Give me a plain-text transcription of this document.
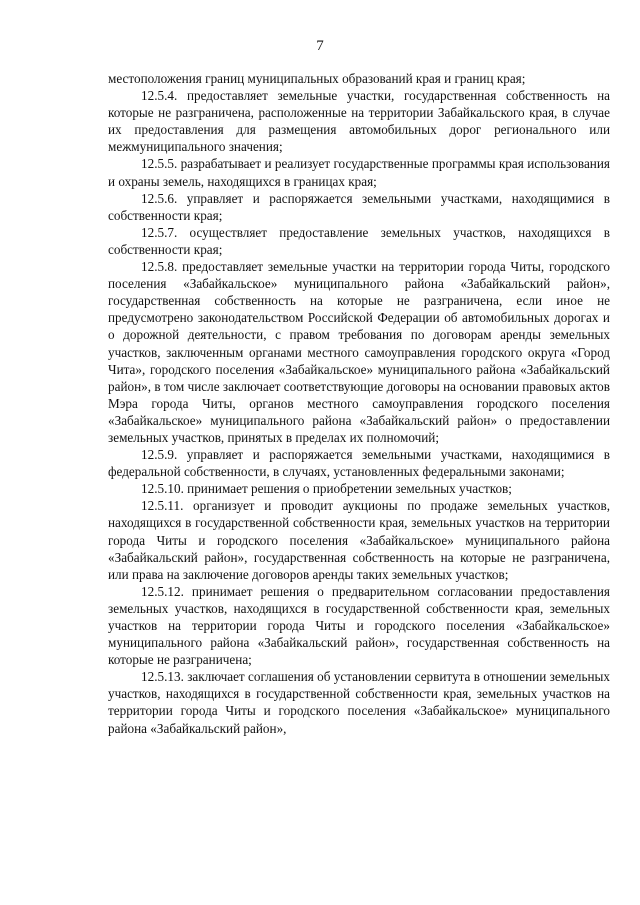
7

местоположения границ муниципальных образований края и границ края;

12.5.4. предоставляет земельные участки, государственная собственность на которые не разграничена, расположенные на территории Забайкальского края, в случае их предоставления для размещения автомобильных дорог регионального или межмуниципального значения;

12.5.5. разрабатывает и реализует государственные программы края использования и охраны земель, находящихся в границах края;

12.5.6. управляет и распоряжается земельными участками, находящимися в собственности края;

12.5.7. осуществляет предоставление земельных участков, находящихся в собственности края;

12.5.8. предоставляет земельные участки на территории города Читы, городского поселения «Забайкальское» муниципального района «Забайкальский район», государственная собственность на которые не разграничена, если иное не предусмотрено законодательством Российской Федерации об автомобильных дорогах и о дорожной деятельности, с правом требования по договорам аренды земельных участков, заключенным органами местного самоуправления городского округа «Город Чита», городского поселения «Забайкальское» муниципального района «Забайкальский район», в том числе заключает соответствующие договоры на основании правовых актов Мэра города Читы, органов местного самоуправления городского поселения «Забайкальское» муниципального района «Забайкальский район» о предоставлении земельных участков, принятых в пределах их полномочий;

12.5.9. управляет и распоряжается земельными участками, находящимися в федеральной собственности, в случаях, установленных федеральными законами;

12.5.10. принимает решения о приобретении земельных участков;

12.5.11. организует и проводит аукционы по продаже земельных участков, находящихся в государственной собственности края, земельных участков на территории города Читы и городского поселения «Забайкальское» муниципального района «Забайкальский район», государственная собственность на которые не разграничена, или права на заключение договоров аренды таких земельных участков;

12.5.12. принимает решения о предварительном согласовании предоставления земельных участков, находящихся в государственной собственности края, земельных участков на территории города Читы и городского поселения «Забайкальское» муниципального района «Забайкальский район», государственная собственность на которые не разграничена;

12.5.13. заключает соглашения об установлении сервитута в отношении земельных участков, находящихся в государственной собственности края, земельных участков на территории города Читы и городского поселения «Забайкальское» муниципального района «Забайкальский район»,
